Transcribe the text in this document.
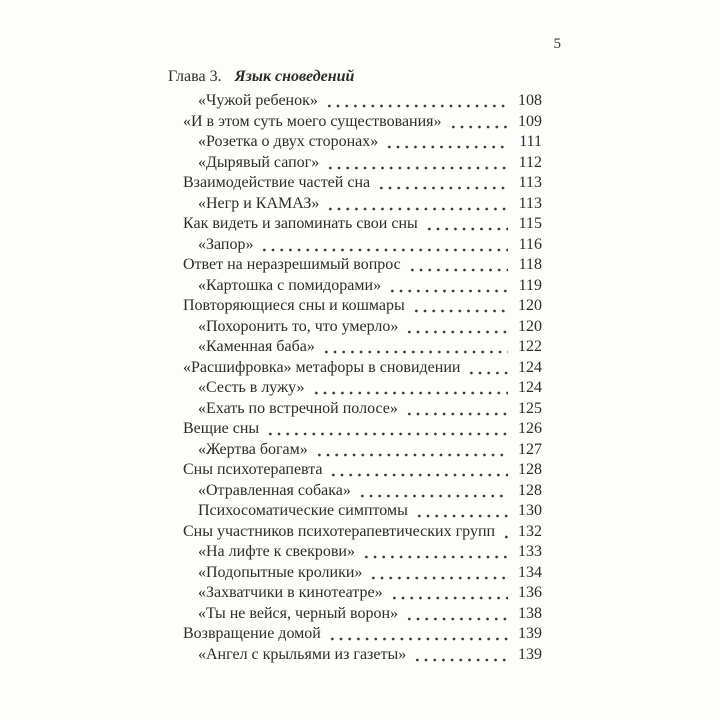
5
Глава 3. Язык сноведений
«Чужой ребенок»	108
«И в этом суть моего существования»	109
«Розетка о двух сторонах»	111
«Дырявый сапог»	112
Взаимодействие частей сна	113
«Негр и КАМАЗ»	113
Как видеть и запоминать свои сны	115
«Запор»	116
Ответ на неразрешимый вопрос	118
«Картошка с помидорами»	119
Повторяющиеся сны и кошмары	120
«Похоронить то, что умерло»	120
«Каменная баба»	122
«Расшифровка» метафоры в сновидении	124
«Сесть в лужу»	124
«Ехать по встречной полосе»	125
Вещие сны	126
«Жертва богам»	127
Сны психотерапевта	128
«Отравленная собака»	128
Психосоматические симптомы	130
Сны участников психотерапевтических групп	132
«На лифте к свекрови»	133
«Подопытные кролики»	134
«Захватчики в кинотеатре»	136
«Ты не вейся, черный ворон»	138
Возвращение домой	139
«Ангел с крыльями из газеты»	139
